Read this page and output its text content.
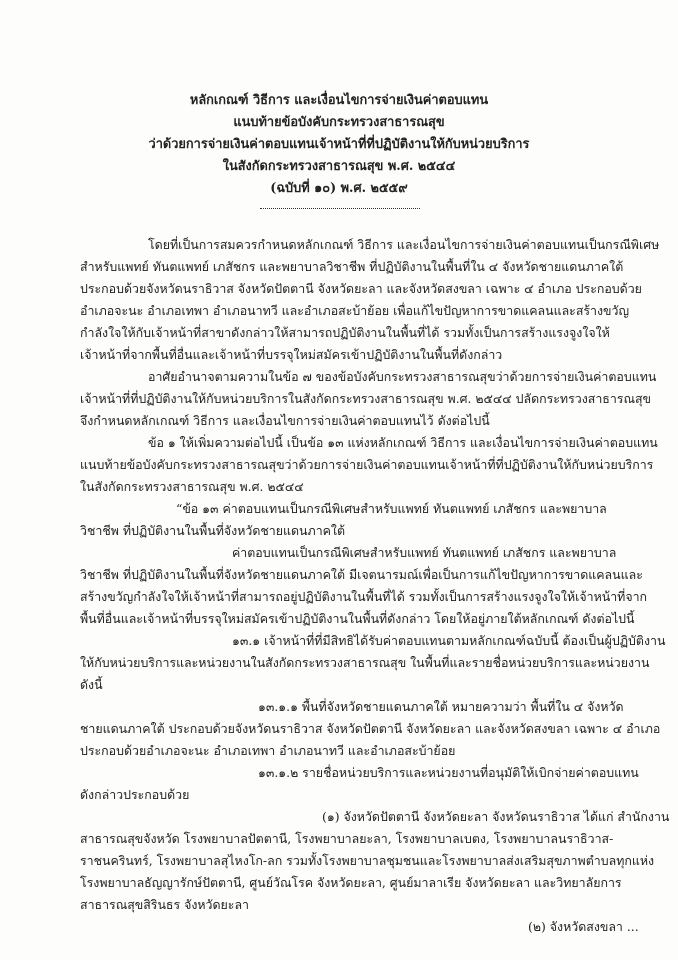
หลักเกณฑ์ วิธีการ และเงื่อนไขการจ่ายเงินค่าตอบแทน
แนบท้ายข้อบังคับกระทรวงสาธารณสุข
ว่าด้วยการจ่ายเงินค่าตอบแทนเจ้าหน้าที่ที่ปฏิบัติงานให้กับหน่วยบริการ
ในสังกัดกระทรวงสาธารณสุข พ.ศ. ๒๕๔๔
(ฉบับที่ ๑๐) พ.ศ. ๒๕๕๙
โดยที่เป็นการสมควรกำหนดหลักเกณฑ์ วิธีการ และเงื่อนไขการจ่ายเงินค่าตอบแทนเป็นกรณีพิเศษ
สำหรับแพทย์ ทันตแพทย์ เภสัชกร และพยาบาลวิชาชีพ ที่ปฏิบัติงานในพื้นที่ใน ๔ จังหวัดชายแดนภาคใต้
ประกอบด้วยจังหวัดนราธิวาส จังหวัดปัตตานี จังหวัดยะลา และจังหวัดสงขลา เฉพาะ ๔ อำเภอ ประกอบด้วย
อำเภอจะนะ อำเภอเทพา อำเภอนาทวี และอำเภอสะบ้าย้อย เพื่อแก้ไขปัญหาการขาดแคลนและสร้างขวัญ
กำลังใจให้กับเจ้าหน้าที่สาขาดังกล่าวให้สามารถปฏิบัติงานในพื้นที่ได้ รวมทั้งเป็นการสร้างแรงจูงใจให้
เจ้าหน้าที่จากพื้นที่อื่นและเจ้าหน้าที่บรรจุใหม่สมัครเข้าปฏิบัติงานในพื้นที่ดังกล่าว
อาศัยอำนาจตามความในข้อ ๗ ของข้อบังคับกระทรวงสาธารณสุขว่าด้วยการจ่ายเงินค่าตอบแทน
เจ้าหน้าที่ที่ปฏิบัติงานให้กับหน่วยบริการในสังกัดกระทรวงสาธารณสุข พ.ศ. ๒๕๔๔ ปลัดกระทรวงสาธารณสุข
จึงกำหนดหลักเกณฑ์ วิธีการ และเงื่อนไขการจ่ายเงินค่าตอบแทนไว้ ดังต่อไปนี้
ข้อ ๑ ให้เพิ่มความต่อไปนี้ เป็นข้อ ๑๓ แห่งหลักเกณฑ์ วิธีการ และเงื่อนไขการจ่ายเงินค่าตอบแทน
แนบท้ายข้อบังคับกระทรวงสาธารณสุขว่าด้วยการจ่ายเงินค่าตอบแทนเจ้าหน้าที่ที่ปฏิบัติงานให้กับหน่วยบริการ
ในสังกัดกระทรวงสาธารณสุข พ.ศ. ๒๕๔๔
“ข้อ ๑๓ ค่าตอบแทนเป็นกรณีพิเศษสำหรับแพทย์ ทันตแพทย์ เภสัชกร และพยาบาล
วิชาชีพ ที่ปฏิบัติงานในพื้นที่จังหวัดชายแดนภาคใต้
ค่าตอบแทนเป็นกรณีพิเศษสำหรับแพทย์ ทันตแพทย์ เภสัชกร และพยาบาล
วิชาชีพ ที่ปฏิบัติงานในพื้นที่จังหวัดชายแดนภาคใต้ มีเจตนารมณ์เพื่อเป็นการแก้ไขปัญหาการขาดแคลนและ
สร้างขวัญกำลังใจให้เจ้าหน้าที่สามารถอยู่ปฏิบัติงานในพื้นที่ได้ รวมทั้งเป็นการสร้างแรงจูงใจให้เจ้าหน้าที่จาก
พื้นที่อื่นและเจ้าหน้าที่บรรจุใหม่สมัครเข้าปฏิบัติงานในพื้นที่ดังกล่าว โดยให้อยู่ภายใต้หลักเกณฑ์ ดังต่อไปนี้
๑๓.๑ เจ้าหน้าที่ที่มีสิทธิได้รับค่าตอบแทนตามหลักเกณฑ์ฉบับนี้ ต้องเป็นผู้ปฏิบัติงาน
ให้กับหน่วยบริการและหน่วยงานในสังกัดกระทรวงสาธารณสุข ในพื้นที่และรายชื่อหน่วยบริการและหน่วยงาน
ดังนี้
๑๓.๑.๑ พื้นที่จังหวัดชายแดนภาคใต้ หมายความว่า พื้นที่ใน ๔ จังหวัด
ชายแดนภาคใต้ ประกอบด้วยจังหวัดนราธิวาส จังหวัดปัตตานี จังหวัดยะลา และจังหวัดสงขลา เฉพาะ ๔ อำเภอ
ประกอบด้วยอำเภอจะนะ อำเภอเทพา อำเภอนาทวี และอำเภอสะบ้าย้อย
๑๓.๑.๒ รายชื่อหน่วยบริการและหน่วยงานที่อนุมัติให้เบิกจ่ายค่าตอบแทน
ดังกล่าวประกอบด้วย
(๑) จังหวัดปัตตานี จังหวัดยะลา จังหวัดนราธิวาส ได้แก่ สำนักงาน
สาธารณสุขจังหวัด โรงพยาบาลปัตตานี, โรงพยาบาลยะลา, โรงพยาบาลเบตง, โรงพยาบาลนราธิวาส-
ราชนครินทร์, โรงพยาบาลสุไหงโก-ลก รวมทั้งโรงพยาบาลชุมชนและโรงพยาบาลส่งเสริมสุขภาพตำบลทุกแห่ง
โรงพยาบาลธัญญารักษ์ปัตตานี, ศูนย์วัณโรค จังหวัดยะลา, ศูนย์มาลาเรีย จังหวัดยะลา และวิทยาลัยการ
สาธารณสุขสิรินธร จังหวัดยะลา
(๒) จังหวัดสงขลา ...
